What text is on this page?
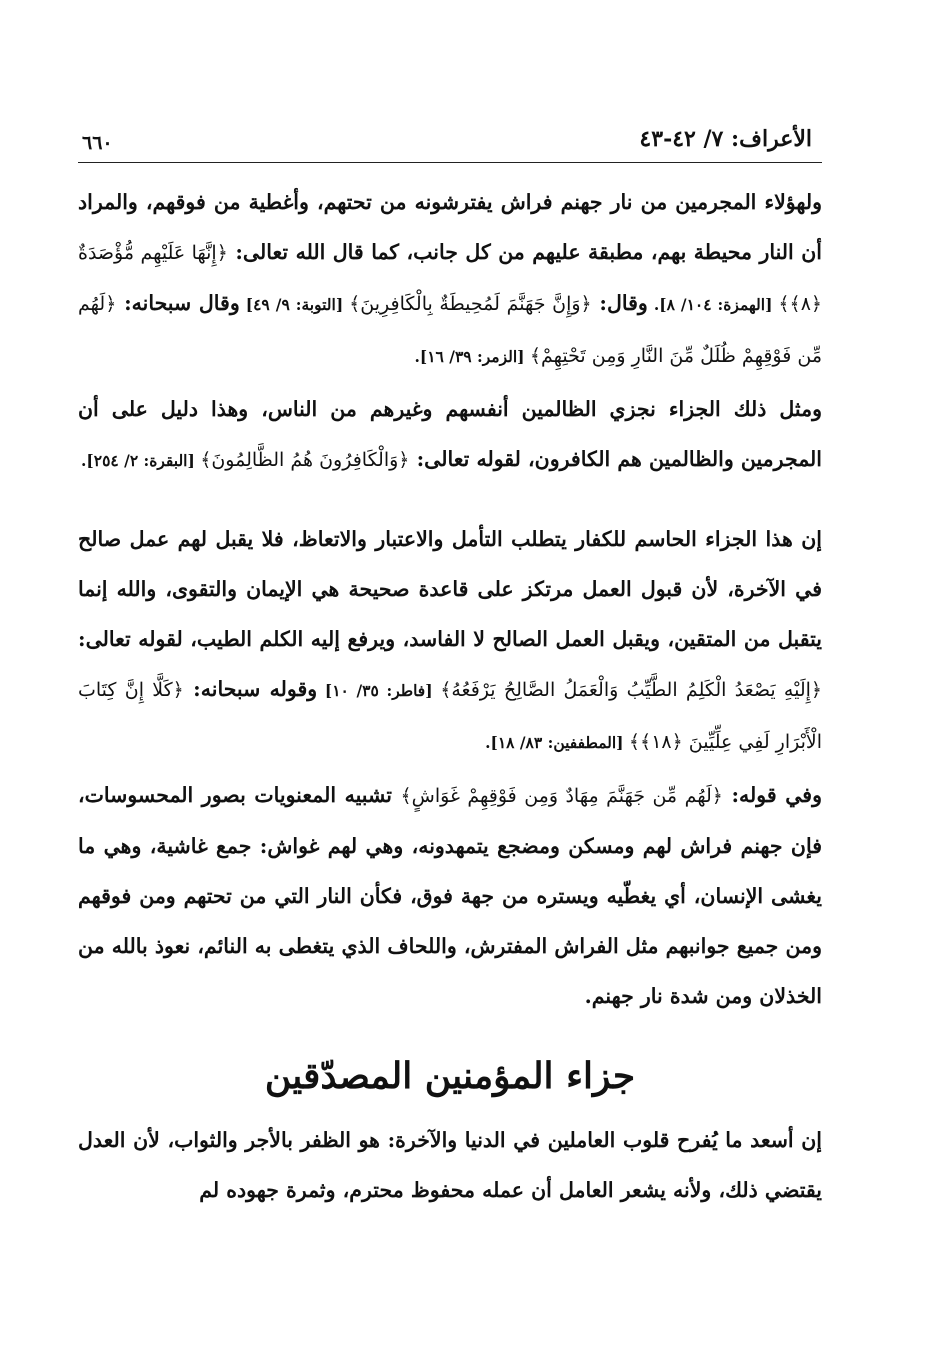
الأعراف: ٧/ ٤٢-٤٣
٦٦٠

ولهؤلاء المجرمين من نار جهنم فراش يفترشونه من تحتهم، وأغطية من فوقهم، والمراد أن النار محيطة بهم، مطبقة عليهم من كل جانب، كما قال الله تعالى: ﴿إِنَّهَا عَلَيْهِم مُّؤْصَدَةٌ ﴿٨﴾﴾ [الهمزة: ١٠٤/ ٨]. وقال: ﴿وَإِنَّ جَهَنَّمَ لَمُحِيطَةٌ بِالْكَافِرِينَ﴾ [التوبة: ٩/ ٤٩] وقال سبحانه: ﴿لَهُم مِّن فَوْقِهِمْ ظُلَلٌ مِّنَ النَّارِ وَمِن تَحْتِهِمْ﴾ [الزمر: ٣٩/ ١٦].

ومثل ذلك الجزاء نجزي الظالمين أنفسهم وغيرهم من الناس، وهذا دليل على أن المجرمين والظالمين هم الكافرون، لقوله تعالى: ﴿وَالْكَافِرُونَ هُمُ الظَّالِمُونَ﴾ [البقرة: ٢/ ٢٥٤].

إن هذا الجزاء الحاسم للكفار يتطلب التأمل والاعتبار والاتعاظ، فلا يقبل لهم عمل صالح في الآخرة، لأن قبول العمل مرتكز على قاعدة صحيحة هي الإيمان والتقوى، والله إنما يتقبل من المتقين، ويقبل العمل الصالح لا الفاسد، ويرفع إليه الكلم الطيب، لقوله تعالى: ﴿إِلَيْهِ يَصْعَدُ الْكَلِمُ الطَّيِّبُ وَالْعَمَلُ الصَّالِحُ يَرْفَعُهُ﴾ [فاطر: ٣٥/ ١٠] وقوله سبحانه: ﴿كَلَّا إِنَّ كِتَابَ الْأَبْرَارِ لَفِي عِلِّيِّينَ ﴿١٨﴾﴾ [المطففين: ٨٣/ ١٨].

وفي قوله: ﴿لَهُم مِّن جَهَنَّمَ مِهَادٌ وَمِن فَوْقِهِمْ غَوَاشٍ﴾ تشبيه المعنويات بصور المحسوسات، فإن جهنم فراش لهم ومسكن ومضجع يتمهدونه، وهي لهم غواش: جمع غاشية، وهي ما يغشى الإنسان، أي يغطّيه ويستره من جهة فوق، فكأن النار التي من تحتهم ومن فوقهم ومن جميع جوانبهم مثل الفراش المفترش، واللحاف الذي يتغطى به النائم، نعوذ بالله من الخذلان ومن شدة نار جهنم.

جزاء المؤمنين المصدّقين

إن أسعد ما يُفرح قلوب العاملين في الدنيا والآخرة: هو الظفر بالأجر والثواب، لأن العدل يقتضي ذلك، ولأنه يشعر العامل أن عمله محفوظ محترم، وثمرة جهوده لم
